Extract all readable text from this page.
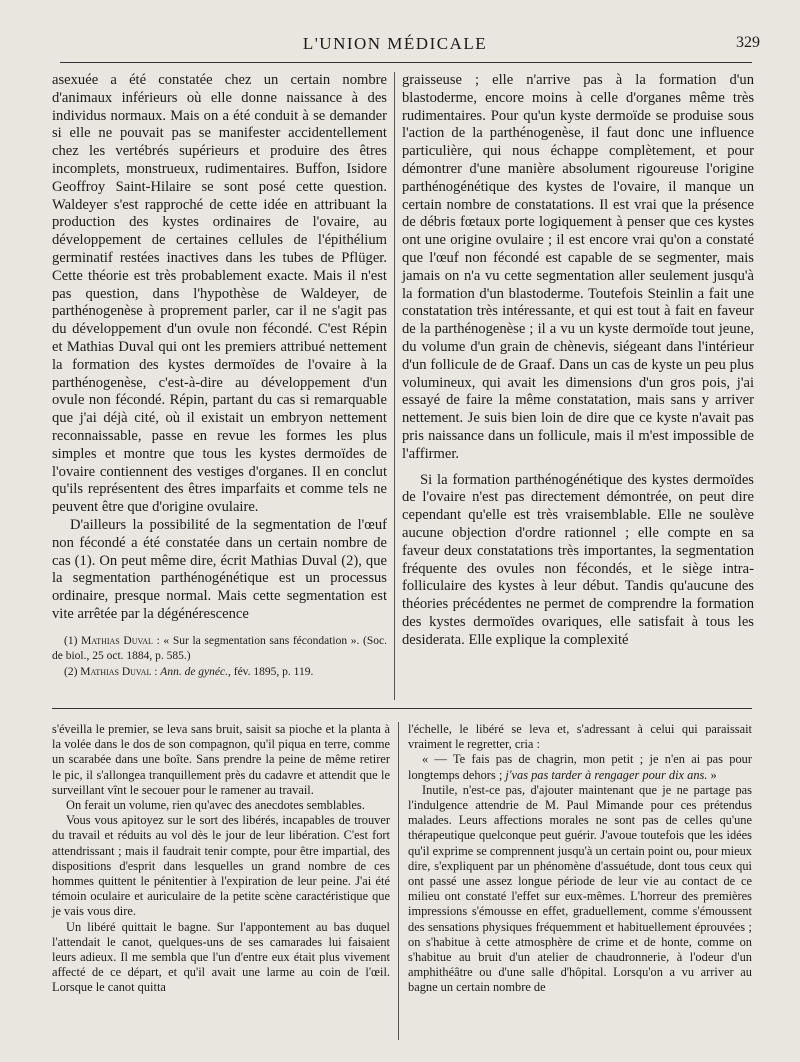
L'UNION MÉDICALE	329

asexuée a été constatée chez un certain nombre d'animaux inférieurs où elle donne naissance à des individus normaux. Mais on a été conduit à se demander si elle ne pouvait pas se manifester accidentellement chez les vertébrés supérieurs et produire des êtres incomplets, monstrueux, rudimentaires. Buffon, Isidore Geoffroy Saint-Hilaire se sont posé cette question. Waldeyer s'est rapproché de cette idée en attribuant la production des kystes ordinaires de l'ovaire, au développement de certaines cellules de l'épithélium germinatif restées inactives dans les tubes de Pflüger. Cette théorie est très probablement exacte. Mais il n'est pas question, dans l'hypothèse de Waldeyer, de parthénogenèse à proprement parler, car il ne s'agit pas du développement d'un ovule non fécondé. C'est Répin et Mathias Duval qui ont les premiers attribué nettement la formation des kystes dermoïdes de l'ovaire à la parthénogenèse, c'est-à-dire au développement d'un ovule non fécondé. Répin, partant du cas si remarquable que j'ai déjà cité, où il existait un embryon nettement reconnaissable, passe en revue les formes les plus simples et montre que tous les kystes dermoïdes de l'ovaire contiennent des vestiges d'organes. Il en conclut qu'ils représentent des êtres imparfaits et comme tels ne peuvent être que d'origine ovulaire.

D'ailleurs la possibilité de la segmentation de l'œuf non fécondé a été constatée dans un certain nombre de cas (1). On peut même dire, écrit Mathias Duval (2), que la segmentation parthénogénétique est un processus ordinaire, presque normal. Mais cette segmentation est vite arrêtée par la dégénérescence

(1) Mathias Duval : « Sur la segmentation sans fécondation ». (Soc. de biol., 25 oct. 1884, p. 585.)

(2) Mathias Duval : Ann. de gynéc., fév. 1895, p. 119.

graisseuse ; elle n'arrive pas à la formation d'un blastoderme, encore moins à celle d'organes même très rudimentaires. Pour qu'un kyste dermoïde se produise sous l'action de la parthénogenèse, il faut donc une influence particulière, qui nous échappe complètement, et pour démontrer d'une manière absolument rigoureuse l'origine parthénogénétique des kystes de l'ovaire, il manque un certain nombre de constatations. Il est vrai que la présence de débris fœtaux porte logiquement à penser que ces kystes ont une origine ovulaire ; il est encore vrai qu'on a constaté que l'œuf non fécondé est capable de se segmenter, mais jamais on n'a vu cette segmentation aller seulement jusqu'à la formation d'un blastoderme. Toutefois Steinlin a fait une constatation très intéressante, et qui est tout à fait en faveur de la parthénogenèse ; il a vu un kyste dermoïde tout jeune, du volume d'un grain de chènevis, siégeant dans l'intérieur d'un follicule de de Graaf. Dans un cas de kyste un peu plus volumineux, qui avait les dimensions d'un gros pois, j'ai essayé de faire la même constatation, mais sans y arriver nettement. Je suis bien loin de dire que ce kyste n'avait pas pris naissance dans un follicule, mais il m'est impossible de l'affirmer.

Si la formation parthénogénétique des kystes dermoïdes de l'ovaire n'est pas directement démontrée, on peut dire cependant qu'elle est très vraisemblable. Elle ne soulève aucune objection d'ordre rationnel ; elle compte en sa faveur deux constatations très importantes, la segmentation fréquente des ovules non fécondés, et le siège intra-folliculaire des kystes à leur début. Tandis qu'aucune des théories précédentes ne permet de comprendre la formation des kystes dermoïdes ovariques, elle satisfait à tous les desiderata. Elle explique la complexité

s'éveilla le premier, se leva sans bruit, saisit sa pioche et la planta à la volée dans le dos de son compagnon, qu'il piqua en terre, comme un scarabée dans une boîte. Sans prendre la peine de même retirer le pic, il s'allongea tranquillement près du cadavre et attendit que le surveillant vînt le secouer pour le ramener au travail.

On ferait un volume, rien qu'avec des anecdotes semblables.

Vous vous apitoyez sur le sort des libérés, incapables de trouver du travail et réduits au vol dès le jour de leur libération. C'est fort attendrissant ; mais il faudrait tenir compte, pour être impartial, des dispositions d'esprit dans lesquelles un grand nombre de ces hommes quittent le pénitentier à l'expiration de leur peine. J'ai été témoin oculaire et auriculaire de la petite scène caractéristique que je vais vous dire.

Un libéré quittait le bagne. Sur l'appontement au bas duquel l'attendait le canot, quelques-uns de ses camarades lui faisaient leurs adieux. Il me sembla que l'un d'entre eux était plus vivement affecté de ce départ, et qu'il avait une larme au coin de l'œil. Lorsque le canot quitta

l'échelle, le libéré se leva et, s'adressant à celui qui paraissait vraiment le regretter, cria :

« — Te fais pas de chagrin, mon petit ; je n'en ai pas pour longtemps dehors ; j'vas pas tarder à rengager pour dix ans. »

Inutile, n'est-ce pas, d'ajouter maintenant que je ne partage pas l'indulgence attendrie de M. Paul Mimande pour ces prétendus malades. Leurs affections morales ne sont pas de celles qu'une thérapeutique quelconque peut guérir. J'avoue toutefois que les idées qu'il exprime se comprennent jusqu'à un certain point ou, pour mieux dire, s'expliquent par un phénomène d'assuétude, dont tous ceux qui ont passé une assez longue période de leur vie au contact de ce milieu ont constaté l'effet sur eux-mêmes. L'horreur des premières impressions s'émousse en effet, graduellement, comme s'émoussent des sensations physiques fréquemment et habituellement éprouvées ; on s'habitue à cette atmosphère de crime et de honte, comme on s'habitue au bruit d'un atelier de chaudronnerie, à l'odeur d'un amphithéâtre ou d'une salle d'hôpital. Lorsqu'on a vu arriver au bagne un certain nombre de
